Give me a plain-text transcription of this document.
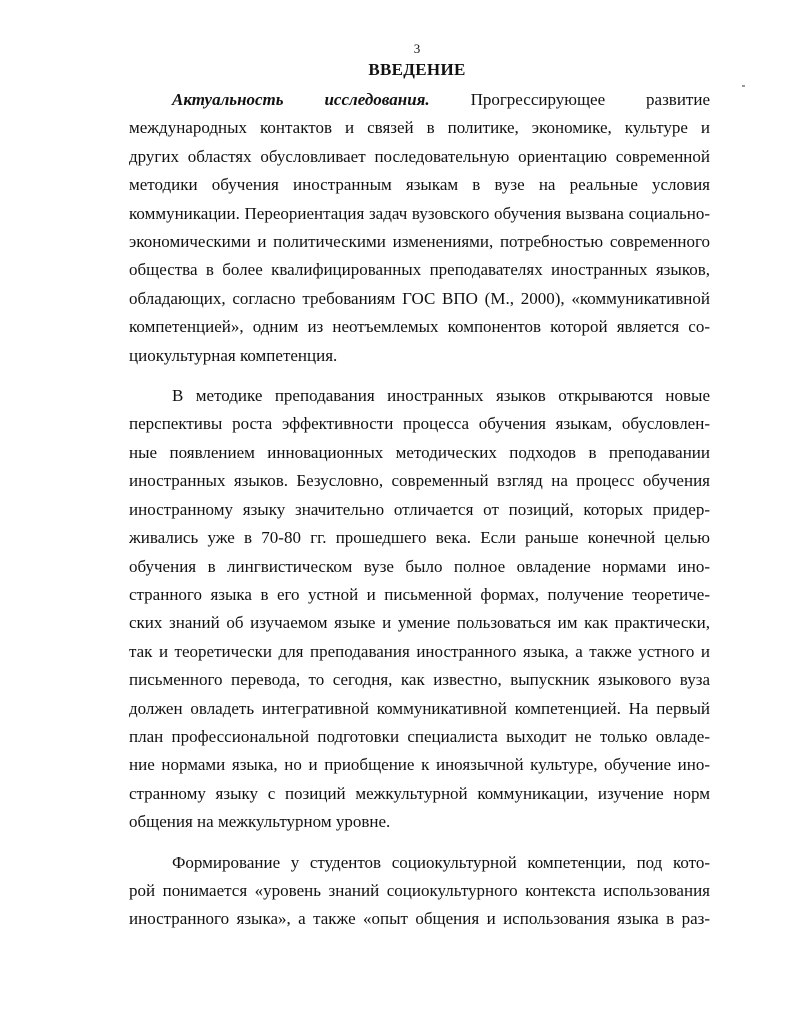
3
ВВЕДЕНИЕ
Актуальность исследования. Прогрессирующее развитие
международных контактов и связей в политике, экономике, культуре и
других областях обусловливает последовательную ориентацию современной
методики обучения иностранным языкам в вузе на реальные условия
коммуникации. Переориентация задач вузовского обучения вызвана социально-
экономическими и политическими изменениями, потребностью современного
общества в более квалифицированных преподавателях иностранных языков,
обладающих, согласно требованиям ГОС ВПО (М., 2000), «коммуникативной
компетенцией», одним из неотъемлемых компонентов которой является со-
циокультурная компетенция.
В методике преподавания иностранных языков открываются новые
перспективы роста эффективности процесса обучения языкам, обусловлен-
ные появлением инновационных методических подходов в преподавании
иностранных языков. Безусловно, современный взгляд на процесс обучения
иностранному языку значительно отличается от позиций, которых придер-
живались уже в 70-80 гг. прошедшего века. Если раньше конечной целью
обучения в лингвистическом вузе было полное овладение нормами ино-
странного языка в его устной и письменной формах, получение теоретиче-
ских знаний об изучаемом языке и умение пользоваться им как практически,
так и теоретически для преподавания иностранного языка, а также устного и
письменного перевода, то сегодня, как известно, выпускник языкового вуза
должен овладеть интегративной коммуникативной компетенцией. На первый
план профессиональной подготовки специалиста выходит не только овладе-
ние нормами языка, но и приобщение к иноязычной культуре, обучение ино-
странному языку с позиций межкультурной коммуникации, изучение норм
общения на межкультурном уровне.
Формирование у студентов социокультурной компетенции, под кото-
рой понимается «уровень знаний социокультурного контекста использования
иностранного языка», а также «опыт общения и использования языка в раз-
